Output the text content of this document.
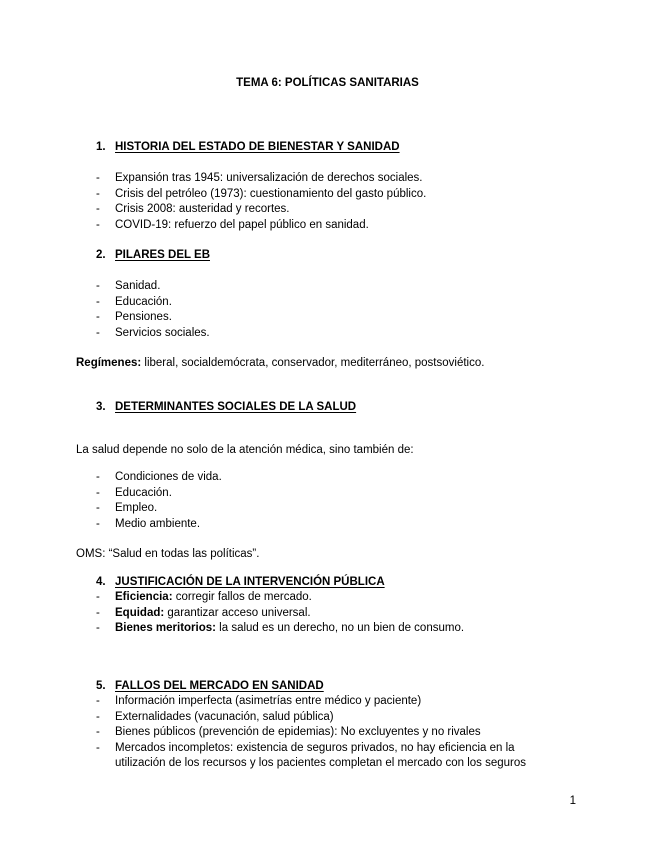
TEMA 6: POLÍTICAS SANITARIAS
1. HISTORIA DEL ESTADO DE BIENESTAR Y SANIDAD
- Expansión tras 1945: universalización de derechos sociales.
- Crisis del petróleo (1973): cuestionamiento del gasto público.
- Crisis 2008: austeridad y recortes.
- COVID-19: refuerzo del papel público en sanidad.
2. PILARES DEL EB
- Sanidad.
- Educación.
- Pensiones.
- Servicios sociales.
Regímenes: liberal, socialdemócrata, conservador, mediterráneo, postsoviético.
3. DETERMINANTES SOCIALES DE LA SALUD
La salud depende no solo de la atención médica, sino también de:
- Condiciones de vida.
- Educación.
- Empleo.
- Medio ambiente.
OMS: “Salud en todas las políticas”.
4. JUSTIFICACIÓN DE LA INTERVENCIÓN PÚBLICA
- Eficiencia: corregir fallos de mercado.
- Equidad: garantizar acceso universal.
- Bienes meritorios: la salud es un derecho, no un bien de consumo.
5. FALLOS DEL MERCADO EN SANIDAD
- Información imperfecta (asimetrías entre médico y paciente)
- Externalidades (vacunación, salud pública)
- Bienes públicos (prevención de epidemias): No excluyentes y no rivales
- Mercados incompletos: existencia de seguros privados, no hay eficiencia en la utilización de los recursos y los pacientes completan el mercado con los seguros
1
